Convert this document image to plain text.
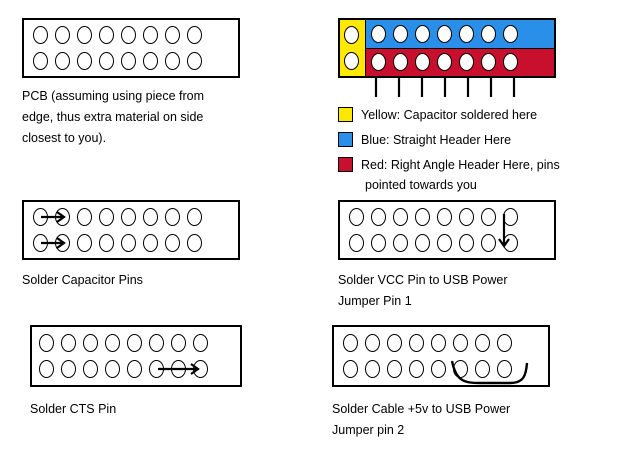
PCB (assuming using piece from
edge, thus extra material on side
closest to you).
Yellow: Capacitor soldered here
Blue: Straight Header Here
Red: Right Angle Header Here, pins
pointed towards you
Solder Capacitor Pins	Solder VCC Pin to USB Power
Jumper Pin 1
Solder CTS Pin	Solder Cable +5v to USB Power
Jumper pin 2
